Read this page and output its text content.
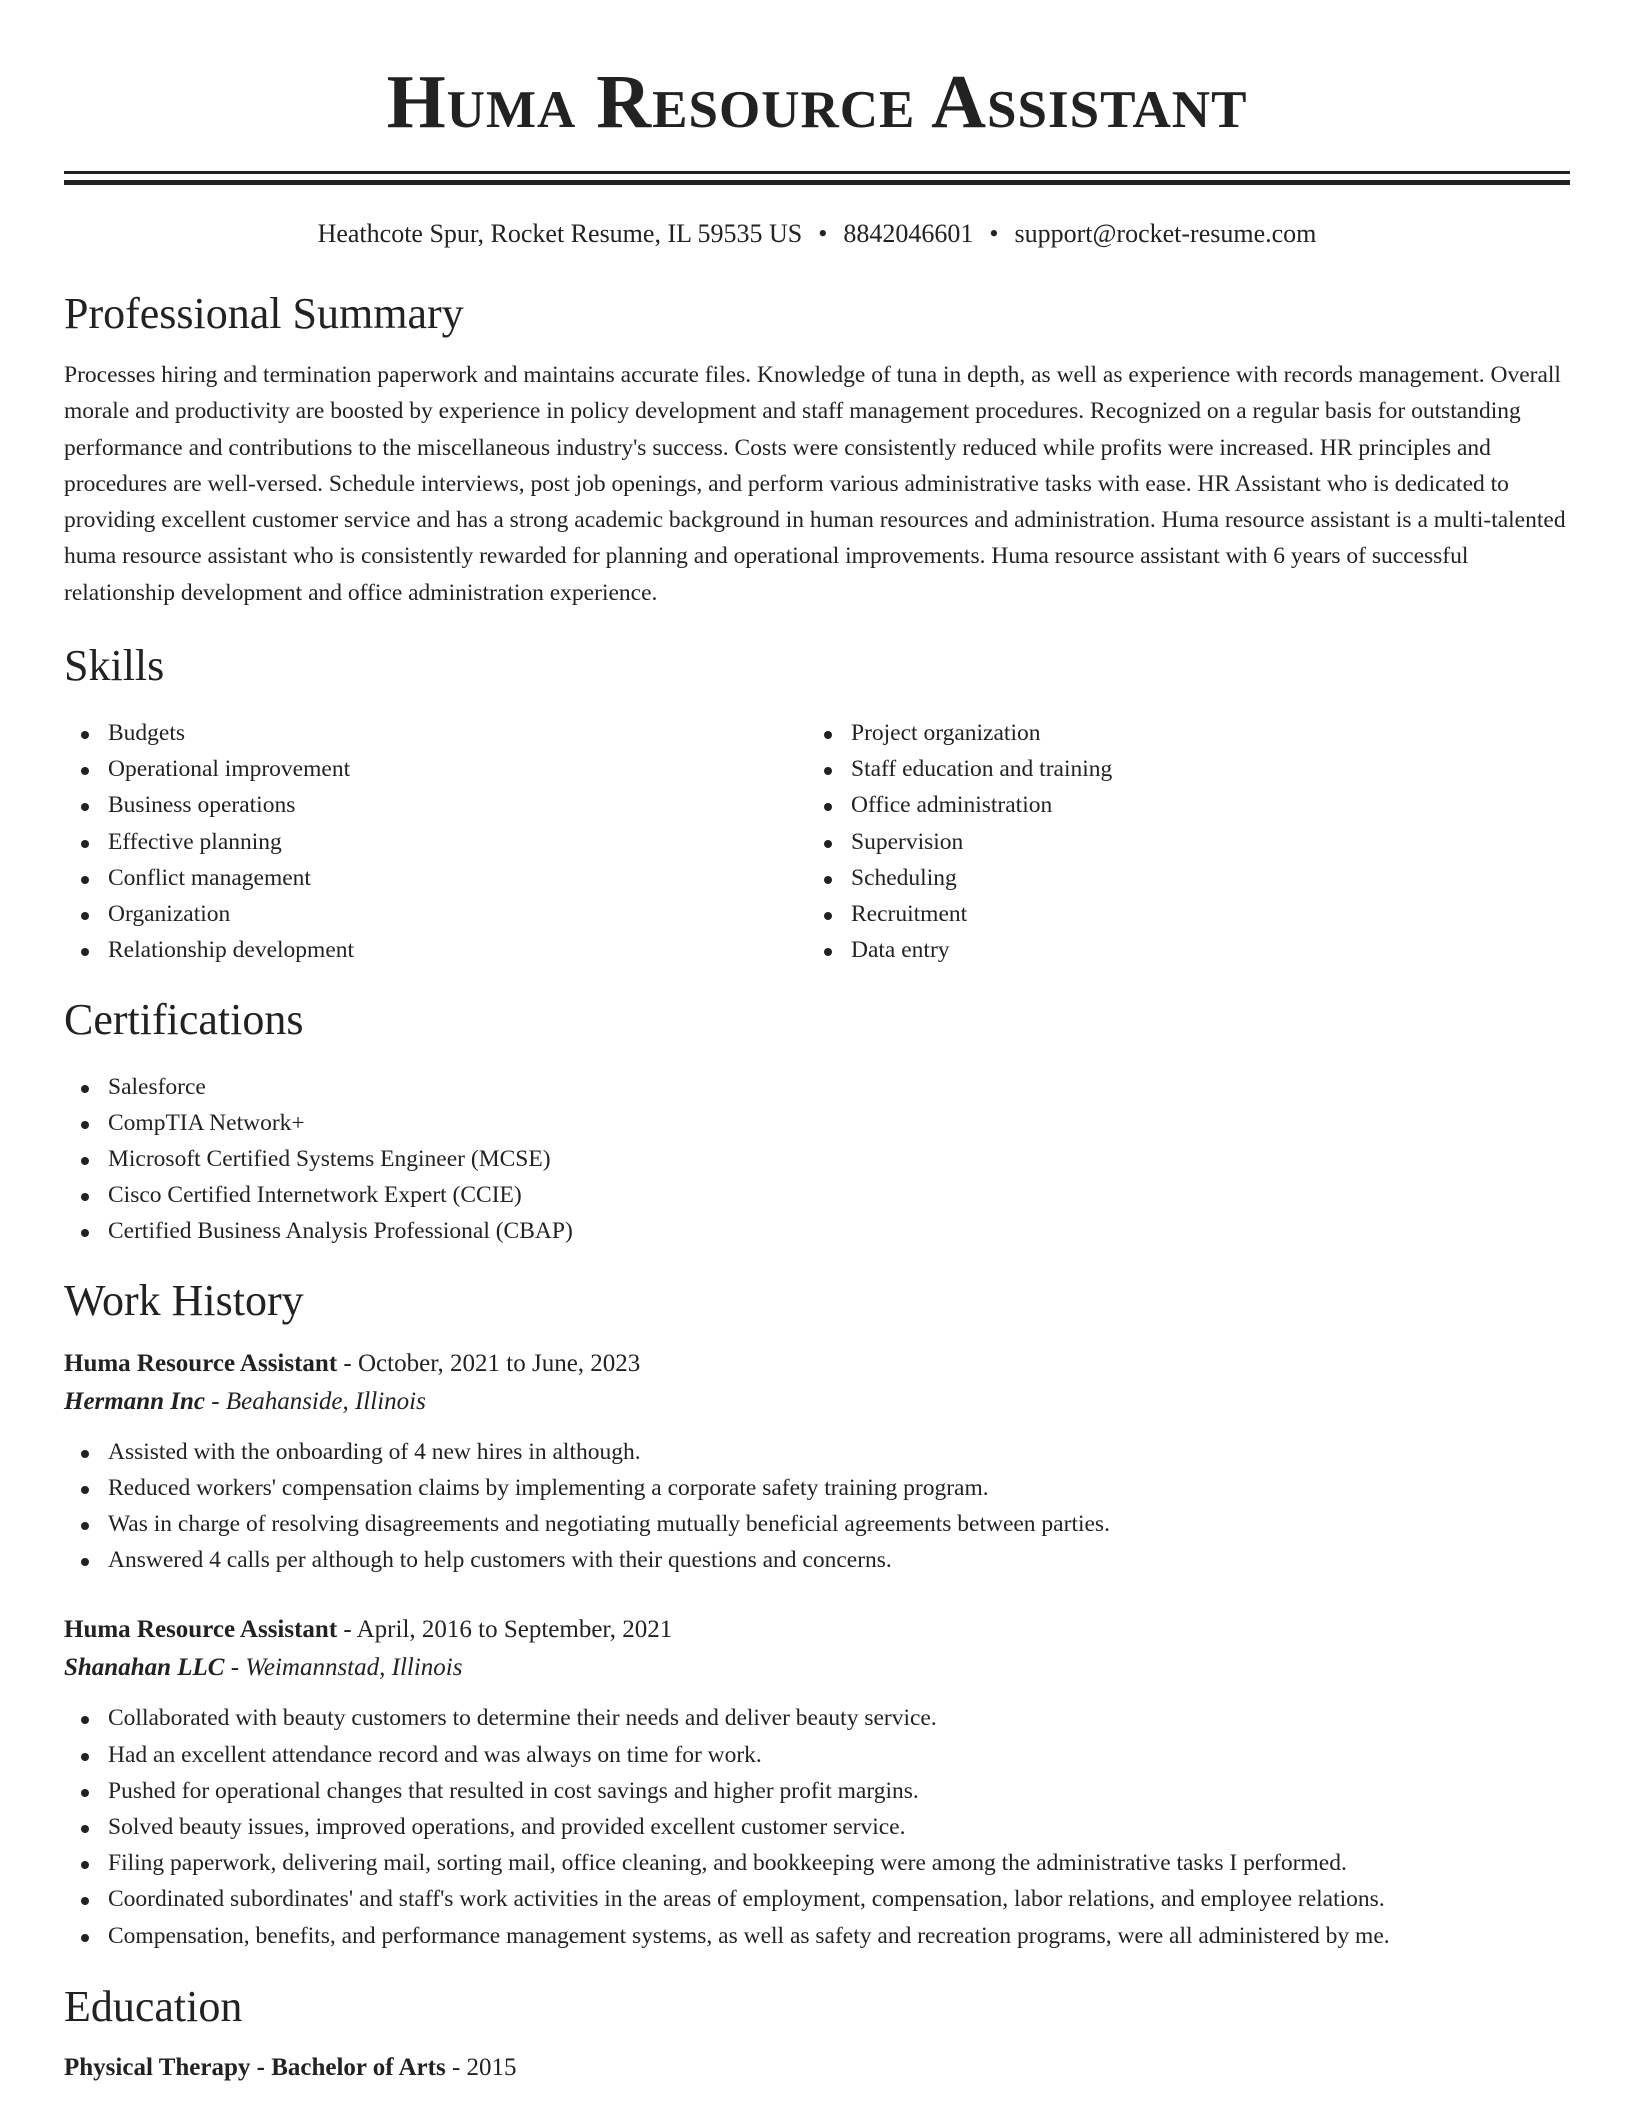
Huma Resource Assistant
Heathcote Spur, Rocket Resume, IL 59535 US • 8842046601 • support@rocket-resume.com
Professional Summary

Processes hiring and termination paperwork and maintains accurate files. Knowledge of tuna in depth, as well as experience with records management. Overall morale and productivity are boosted by experience in policy development and staff management procedures. Recognized on a regular basis for outstanding performance and contributions to the miscellaneous industry's success. Costs were consistently reduced while profits were increased. HR principles and procedures are well-versed. Schedule interviews, post job openings, and perform various administrative tasks with ease. HR Assistant who is dedicated to providing excellent customer service and has a strong academic background in human resources and administration. Huma resource assistant is a multi-talented huma resource assistant who is consistently rewarded for planning and operational improvements. Huma resource assistant with 6 years of successful relationship development and office administration experience.

Skills
Budgets
Operational improvement
Business operations
Effective planning
Conflict management
Organization
Relationship development
Project organization
Staff education and training
Office administration
Supervision
Scheduling
Recruitment
Data entry
Certifications
Salesforce
CompTIA Network+
Microsoft Certified Systems Engineer (MCSE)
Cisco Certified Internetwork Expert (CCIE)
Certified Business Analysis Professional (CBAP)
Work History
Huma Resource Assistant - October, 2021 to June, 2023
Hermann Inc - Beahanside, Illinois
Assisted with the onboarding of 4 new hires in although.
Reduced workers' compensation claims by implementing a corporate safety training program.
Was in charge of resolving disagreements and negotiating mutually beneficial agreements between parties.
Answered 4 calls per although to help customers with their questions and concerns.
Huma Resource Assistant - April, 2016 to September, 2021
Shanahan LLC - Weimannstad, Illinois
Collaborated with beauty customers to determine their needs and deliver beauty service.
Had an excellent attendance record and was always on time for work.
Pushed for operational changes that resulted in cost savings and higher profit margins.
Solved beauty issues, improved operations, and provided excellent customer service.
Filing paperwork, delivering mail, sorting mail, office cleaning, and bookkeeping were among the administrative tasks I performed.
Coordinated subordinates' and staff's work activities in the areas of employment, compensation, labor relations, and employee relations.
Compensation, benefits, and performance management systems, as well as safety and recreation programs, were all administered by me.
Education
Physical Therapy - Bachelor of Arts - 2015
